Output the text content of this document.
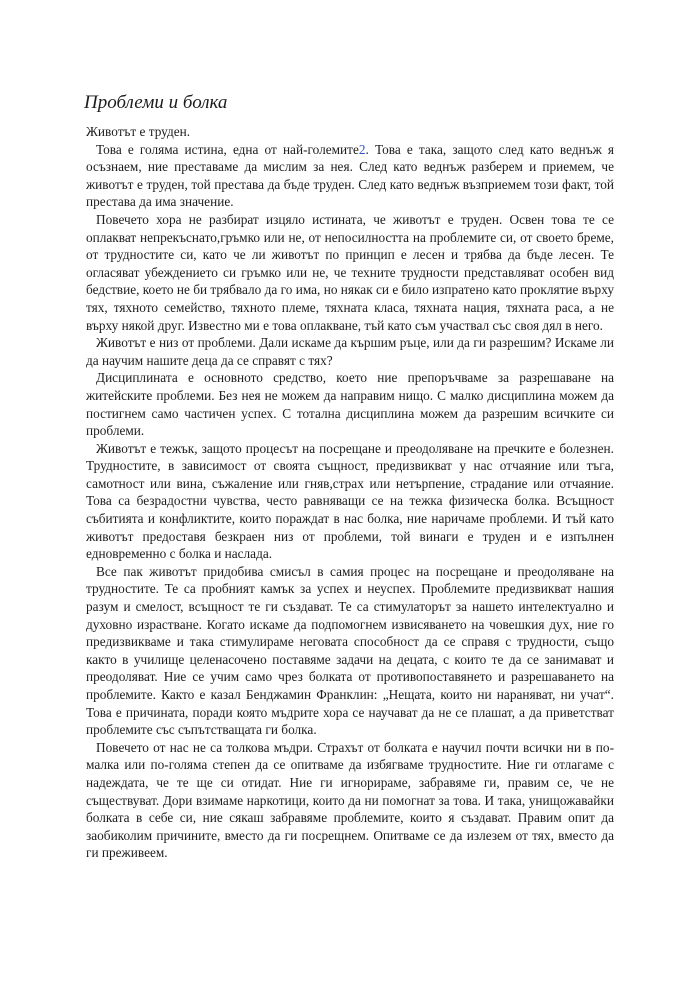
Проблеми и болка

Животът е труден.

Това е голяма истина, една от най-големите2. Това е така, защото след като веднъж я осъзнаем, ние преставаме да мислим за нея. След като веднъж разберем и приемем, че животът е труден, той престава да бъде труден. След като веднъж възприемем този факт, той престава да има значение.

Повечето хора не разбират изцяло истината, че животът е труден. Освен това те се оплакват непрекъснато,гръмко или не, от непосилността на проблемите си, от своето бреме, от трудностите си, като че ли животът по принцип е лесен и трябва да бъде лесен. Те огласяват убеждението си гръмко или не, че техните трудности представляват особен вид бедствие, което не би трябвало да го има, но някак си е било изпратено като проклятие върху тях, тяхното семейство, тяхното племе, тяхната класа, тяхната нация, тяхната раса, а не върху някой друг. Известно ми е това оплакване, тъй като съм участвал със своя дял в него.

Животът е низ от проблеми. Дали искаме да кършим ръце, или да ги разрешим? Искаме ли да научим нашите деца да се справят с тях?

Дисциплината е основното средство, което ние препоръчваме за разрешаване на житейските проблеми. Без нея не можем да направим нищо. С малко дисциплина можем да постигнем само частичен успех. С тотална дисциплина можем да разрешим всичките си проблеми.

Животът е тежък, защото процесът на посрещане и преодоляване на пречките е болезнен. Трудностите, в зависимост от своята същност, предизвикват у нас отчаяние или тъга, самотност или вина, съжаление или гняв,страх или нетърпение, страдание или отчаяние. Това са безрадостни чувства, често равняващи се на тежка физическа болка. Всъщност събитията и конфликтите, които пораждат в нас болка, ние наричаме проблеми. И тъй като животът предоставя безкраен низ от проблеми, той винаги е труден и е изпълнен едновременно с болка и наслада.

Все пак животът придобива смисъл в самия процес на посрещане и преодоляване на трудностите. Те са пробният камък за успех и неуспех. Проблемите предизвикват нашия разум и смелост, всъщност те ги създават. Те са стимулаторът за нашето интелектуално и духовно израстване. Когато искаме да подпомогнем извисяването на човешкия дух, ние го предизвикваме и така стимулираме неговата способност да се справя с трудности, също както в училище целенасочено поставяме задачи на децата, с които те да се занимават и преодоляват. Ние се учим само чрез болката от противопоставянето и разрешаването на проблемите. Както е казал Бенджамин Франклин: „Нещата, които ни нараняват, ни учат“. Това е причината, поради която мъдрите хора се научават да не се плашат, а да приветстват проблемите със съпътстващата ги болка.

Повечето от нас не са толкова мъдри. Страхът от болката е научил почти всички ни в помалка или по-голяма степен да се опитваме да избягваме трудностите. Ние ги отлагаме с надеждата, че те ще си отидат. Ние ги игнорираме, забравяме ги, правим се, че не съществуват. Дори взимаме наркотици, които да ни помогнат за това. И така, унищожавайки болката в себе си, ние сякаш забравяме проблемите, които я създават. Правим опит да заобиколим причините, вместо да ги посрещнем. Опитваме се да излезем от тях, вместо да ги преживеем.
